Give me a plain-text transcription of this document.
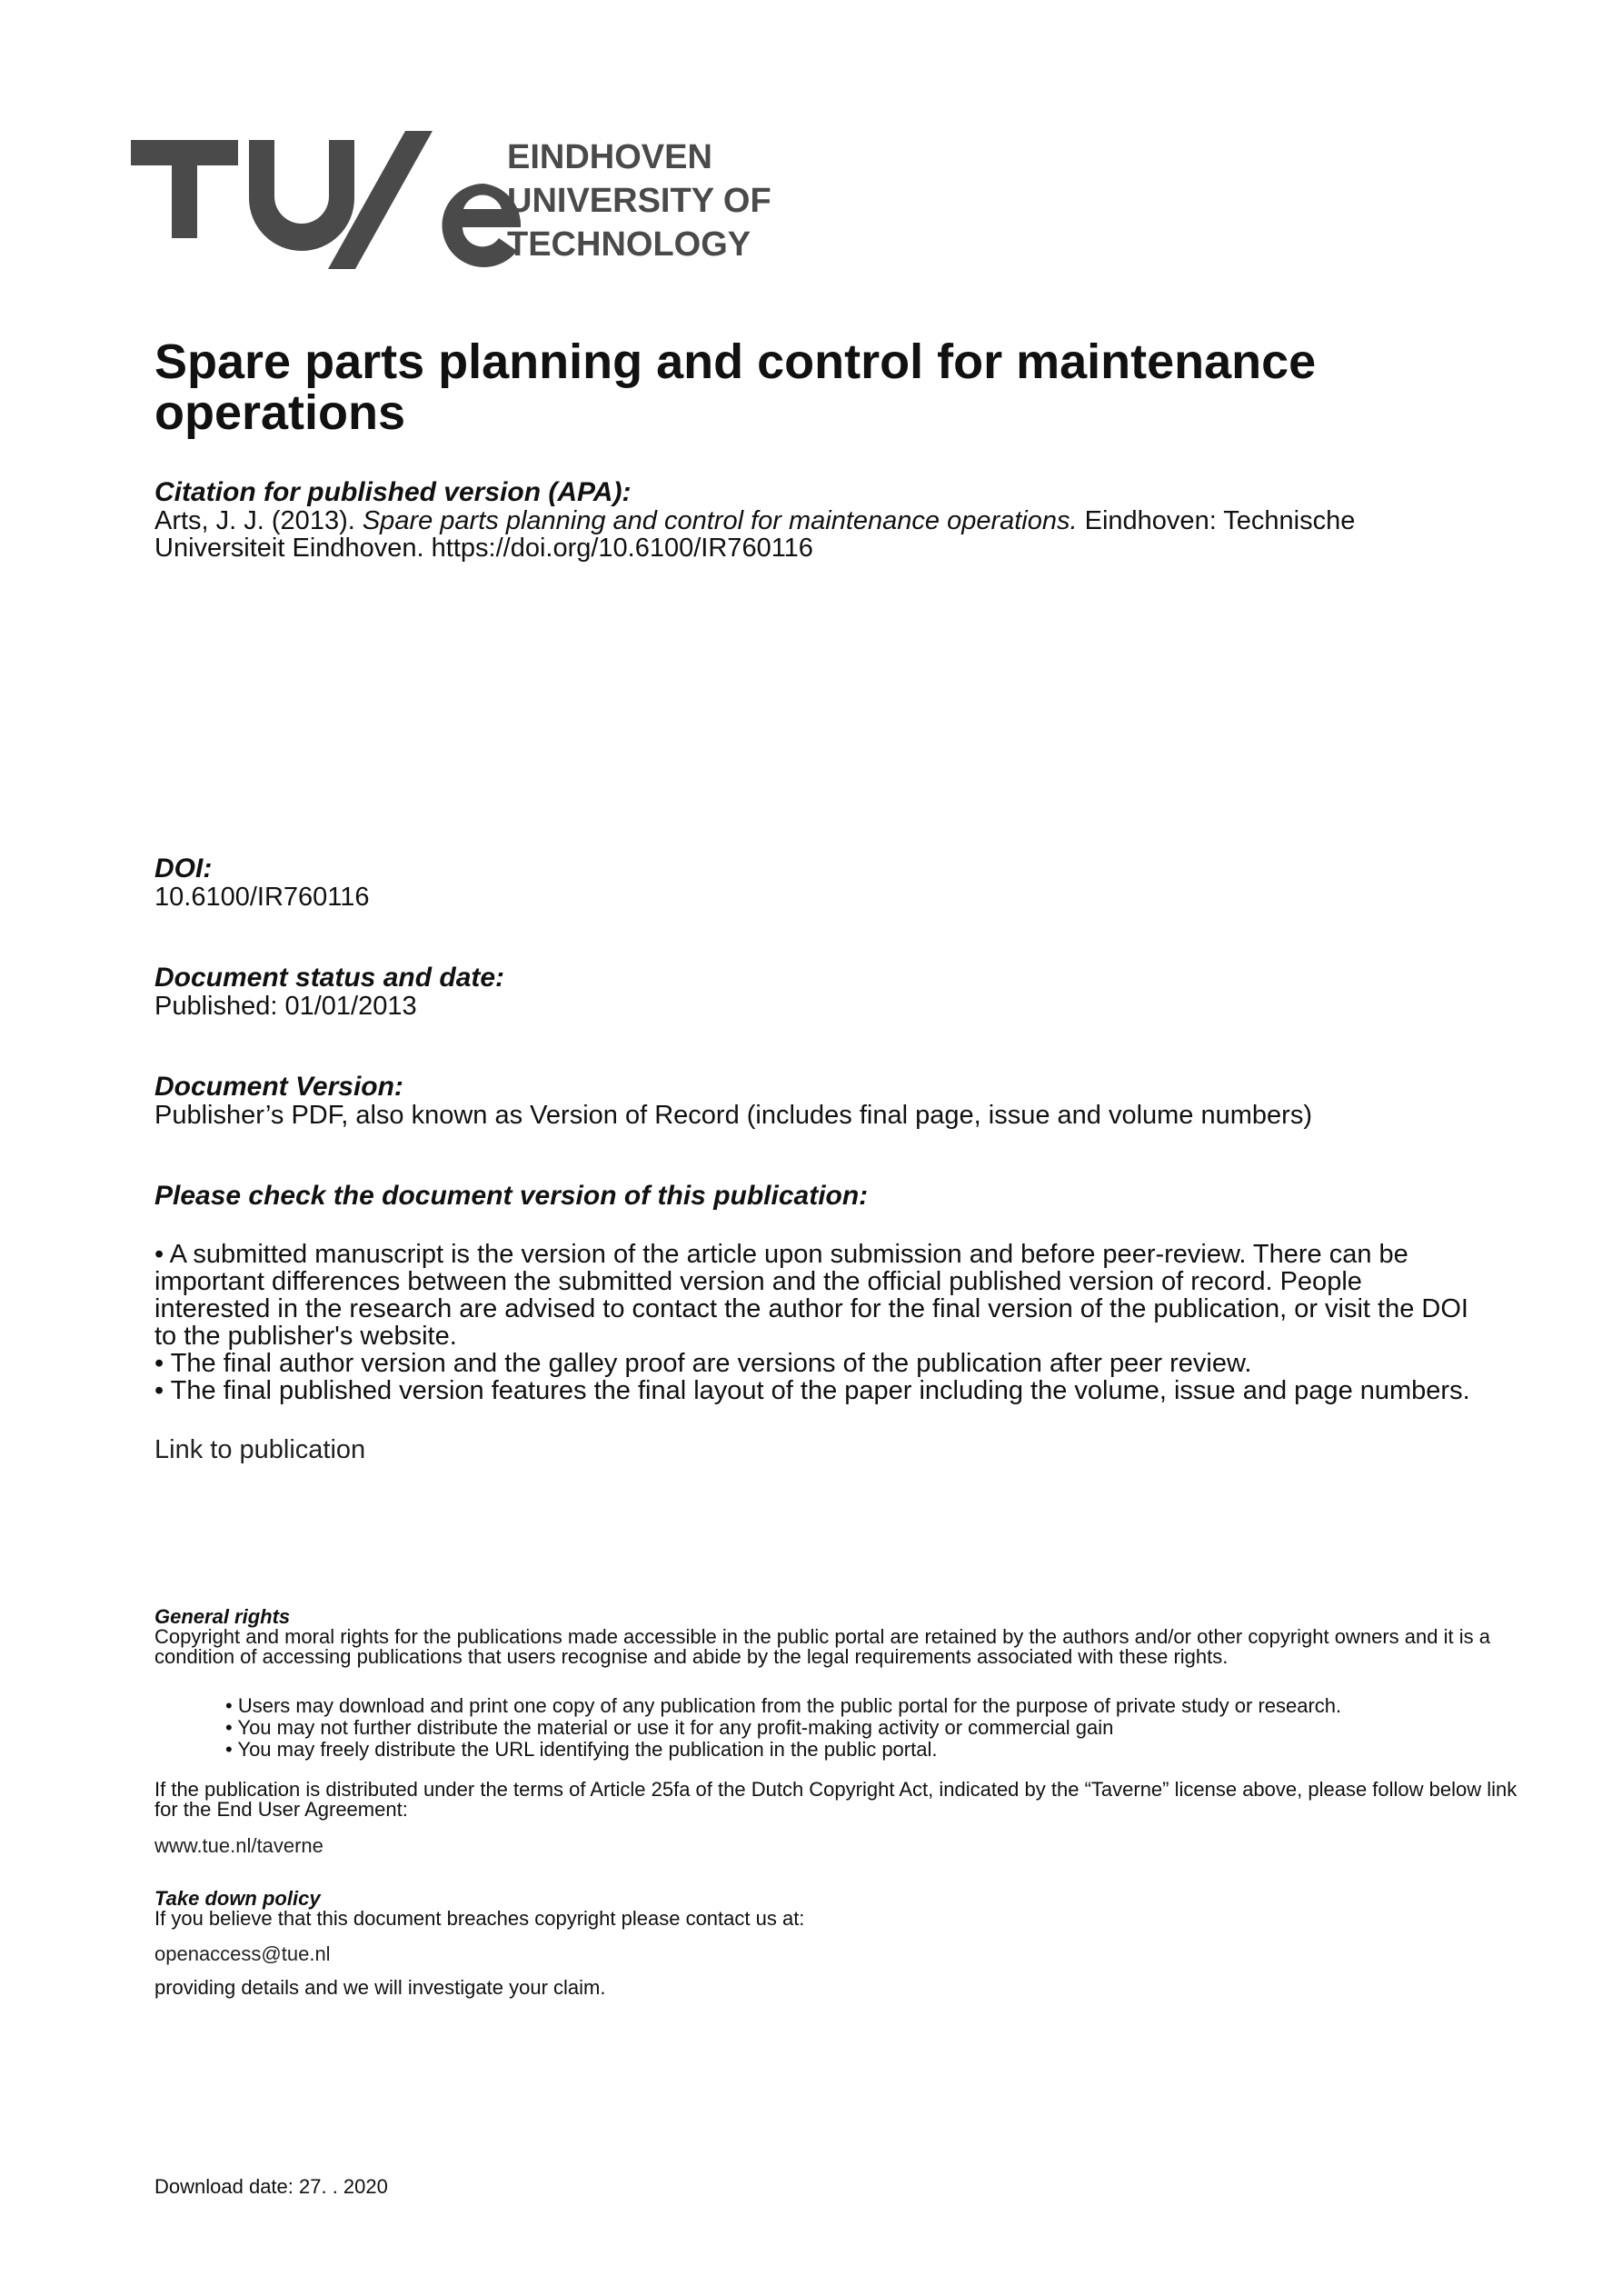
EINDHOVEN
UNIVERSITY OF
TECHNOLOGY
Spare parts planning and control for maintenance
operations
Citation for published version (APA):
Arts, J. J. (2013). Spare parts planning and control for maintenance operations. Eindhoven: Technische Universiteit Eindhoven. https://doi.org/10.6100/IR760116
DOI:
10.6100/IR760116
Document status and date:
Published: 01/01/2013
Document Version:
Publisher’s PDF, also known as Version of Record (includes final page, issue and volume numbers)
Please check the document version of this publication:

• A submitted manuscript is the version of the article upon submission and before peer-review. There can be important differences between the submitted version and the official published version of record. People interested in the research are advised to contact the author for the final version of the publication, or visit the DOI to the publisher's website.

• The final author version and the galley proof are versions of the publication after peer review.

• The final published version features the final layout of the paper including the volume, issue and page numbers.

Link to publication
General rights
Copyright and moral rights for the publications made accessible in the public portal are retained by the authors and/or other copyright owners and it is a condition of accessing publications that users recognise and abide by the legal requirements associated with these rights.

• Users may download and print one copy of any publication from the public portal for the purpose of private study or research.

• You may not further distribute the material or use it for any profit-making activity or commercial gain

• You may freely distribute the URL identifying the publication in the public portal.

If the publication is distributed under the terms of Article 25fa of the Dutch Copyright Act, indicated by the “Taverne” license above, please follow below link for the End User Agreement:
www.tue.nl/taverne
Take down policy
If you believe that this document breaches copyright please contact us at:
openaccess@tue.nl
providing details and we will investigate your claim.
Download date: 27. . 2020
